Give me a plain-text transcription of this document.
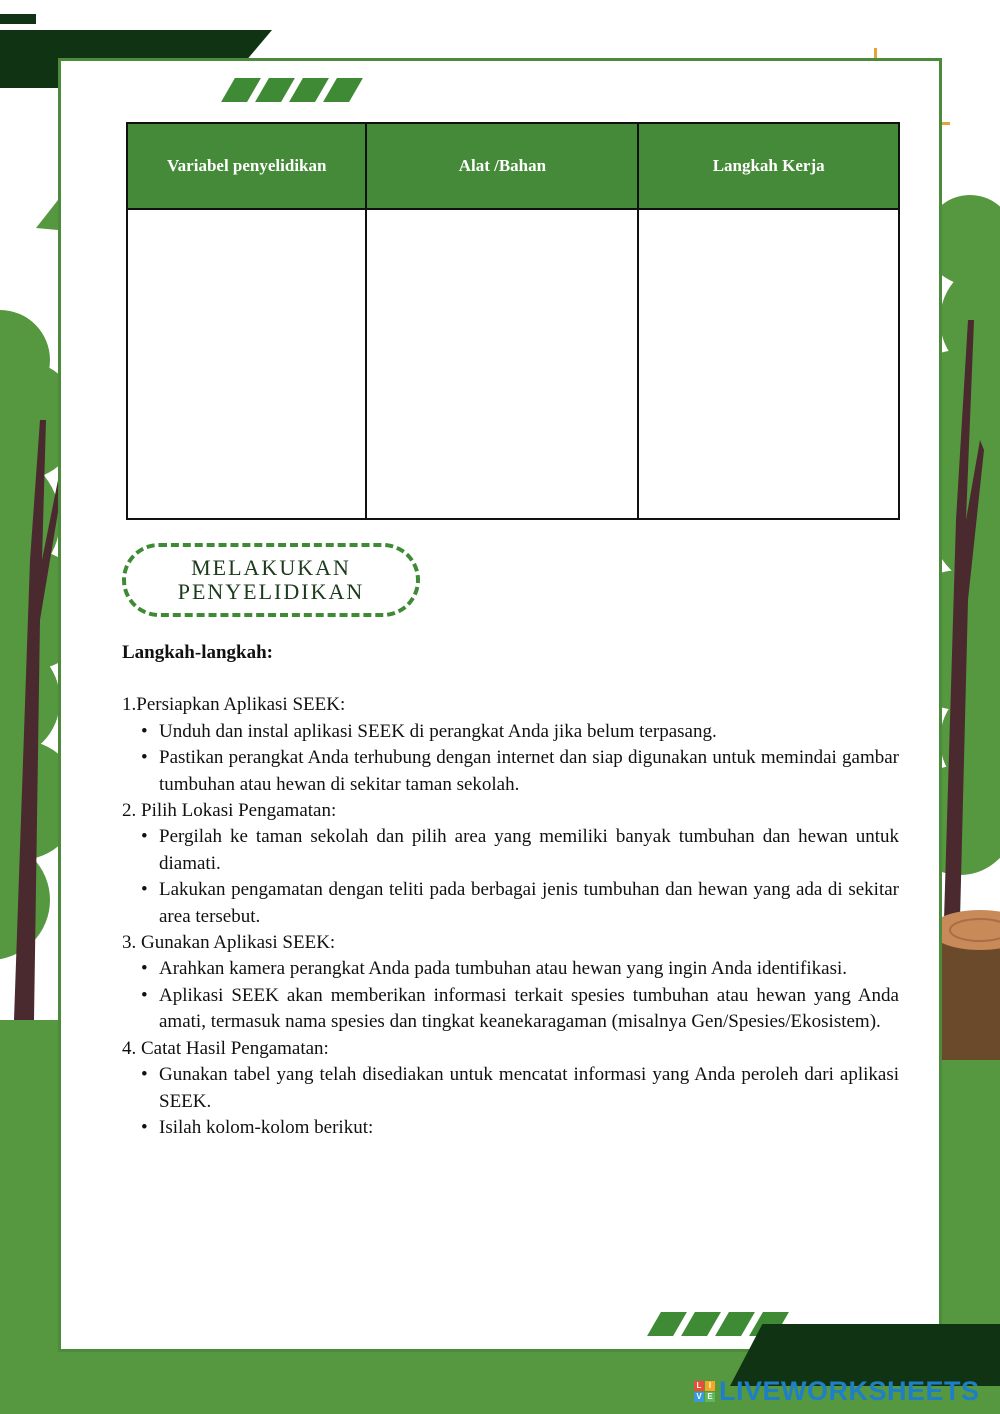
Variabel penyelidikan	Alat /Bahan	Langkah Kerja

MELAKUKAN
PENYELIDIKAN

Langkah-langkah:

1.Persiapkan Aplikasi SEEK:

• Unduh dan instal aplikasi SEEK di perangkat Anda jika belum terpasang.
• Pastikan perangkat Anda terhubung dengan internet dan siap digunakan untuk memindai gambar tumbuhan atau hewan di sekitar taman sekolah.

2. Pilih Lokasi Pengamatan:

• Pergilah ke taman sekolah dan pilih area yang memiliki banyak tumbuhan dan hewan untuk diamati.
• Lakukan pengamatan dengan teliti pada berbagai jenis tumbuhan dan hewan yang ada di sekitar area tersebut.

3. Gunakan Aplikasi SEEK:

• Arahkan kamera perangkat Anda pada tumbuhan atau hewan yang ingin Anda identifikasi.
• Aplikasi SEEK akan memberikan informasi terkait spesies tumbuhan atau hewan yang Anda amati, termasuk nama spesies dan tingkat keanekaragaman (misalnya Gen/Spesies/Ekosistem).

4. Catat Hasil Pengamatan:

• Gunakan tabel yang telah disediakan untuk mencatat informasi yang Anda peroleh dari aplikasi SEEK.
• Isilah kolom-kolom berikut:
L I
V E LIVEWORKSHEETS
